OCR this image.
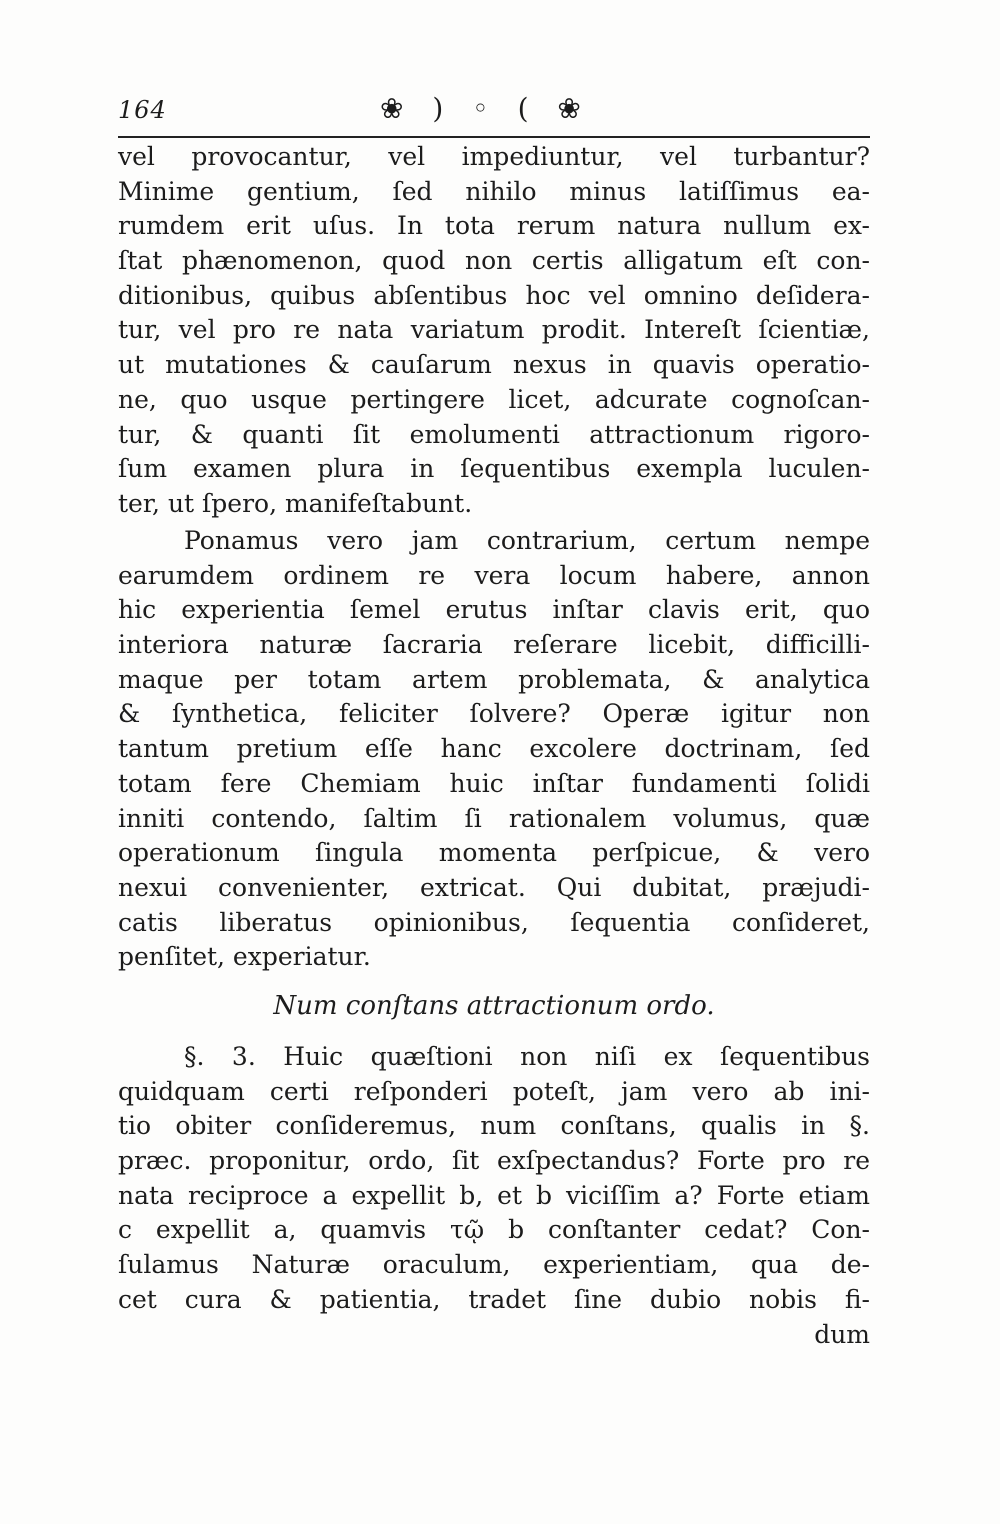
164	❀ ) ◦ ( ❀
vel provocantur, vel impediuntur, vel turbantur?
Minime gentium, ſed nihilo minus latiſſimus ea-
rumdem erit uſus. In tota rerum natura nullum ex-
ſtat phænomenon, quod non certis alligatum eſt con-
ditionibus, quibus abſentibus hoc vel omnino deſidera-
tur, vel pro re nata variatum prodit. Intereſt ſcientiæ,
ut mutationes & cauſarum nexus in quavis operatio-
ne, quo usque pertingere licet, adcurate cognoſcan-
tur, & quanti ſit emolumenti attractionum rigoro-
ſum examen plura in ſequentibus exempla luculen-
ter, ut ſpero, manifeſtabunt.
Ponamus vero jam contrarium, certum nempe
earumdem ordinem re vera locum habere, annon
hic experientia ſemel erutus inſtar clavis erit, quo
interiora naturæ ſacraria reſerare licebit, difficilli-
maque per totam artem problemata, & analytica
& ſynthetica, feliciter ſolvere? Operæ igitur non
tantum pretium eſſe hanc excolere doctrinam, ſed
totam fere Chemiam huic inſtar fundamenti ſolidi
inniti contendo, ſaltim ſi rationalem volumus, quæ
operationum ſingula momenta perſpicue, & vero
nexui convenienter, extricat. Qui dubitat, præjudi-
catis liberatus opinionibus, ſequentia conſideret,
penſitet, experiatur.
Num conſtans attractionum ordo.
§. 3. Huic quæſtioni non niſi ex ſequentibus
quidquam certi reſponderi poteſt, jam vero ab ini-
tio obiter conſideremus, num conſtans, qualis in §.
præc. proponitur, ordo, ſit exſpectandus? Forte pro re
nata reciproce a expellit b, et b viciſſim a? Forte etiam
c expellit a, quamvis τῷ b conſtanter cedat? Con-
ſulamus Naturæ oraculum, experientiam, qua de-
cet cura & patientia, tradet ſine dubio nobis fi-
dum
